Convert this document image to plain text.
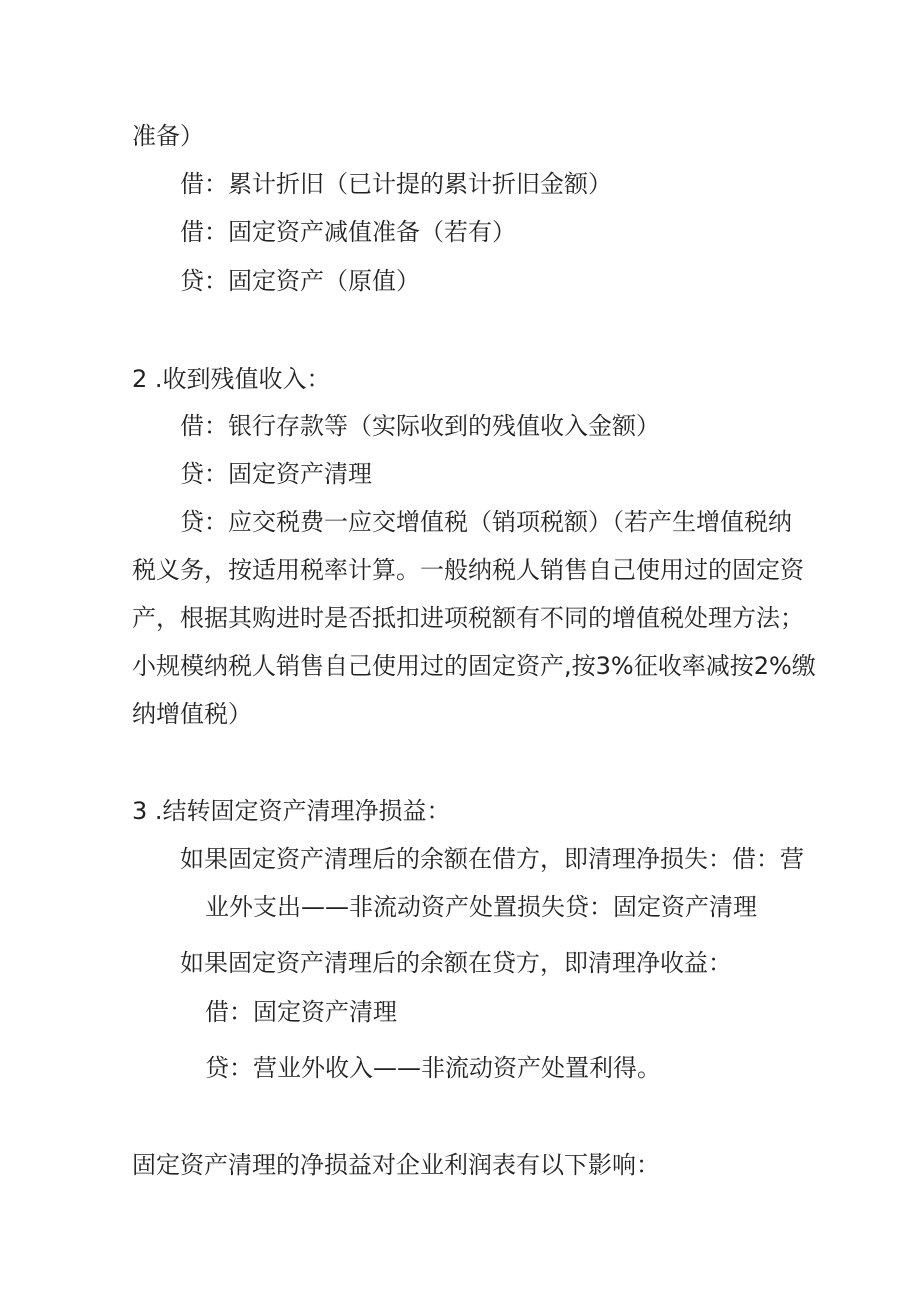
准备）
借：累计折旧（已计提的累计折旧金额）
借：固定资产减值准备（若有）
贷：固定资产（原值）
2 .收到残值收入：
借：银行存款等（实际收到的残值收入金额）
贷：固定资产清理
贷：应交税费一应交增值税（销项税额）（若产生增值税纳
税义务，按适用税率计算。一般纳税人销售自己使用过的固定资
产，根据其购进时是否抵扣进项税额有不同的增值税处理方法；
小规模纳税人销售自己使用过的固定资产,按3%征收率减按2%缴
纳增值税）
3 .结转固定资产清理净损益：
如果固定资产清理后的余额在借方，即清理净损失：借：营
业外支出——非流动资产处置损失贷：固定资产清理
如果固定资产清理后的余额在贷方，即清理净收益：
借：固定资产清理
贷：营业外收入——非流动资产处置利得。
固定资产清理的净损益对企业利润表有以下影响：
